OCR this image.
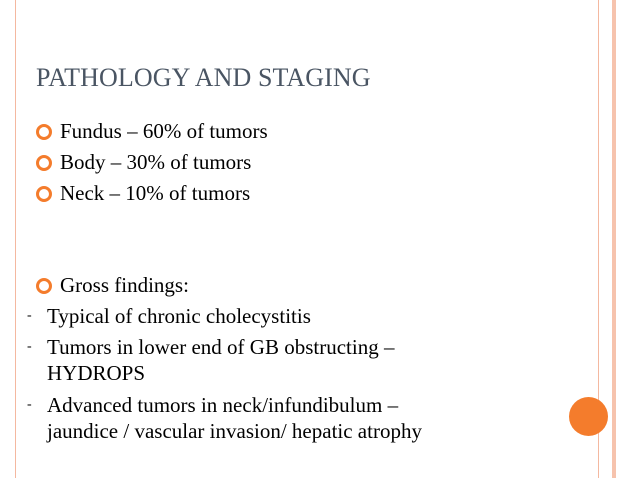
PATHOLOGY AND STAGING
Fundus – 60% of tumors
Body – 30% of tumors
Neck – 10% of tumors
Gross findings:
- Typical of chronic cholecystitis
- Tumors in lower end of GB obstructing –
HYDROPS
- Advanced tumors in neck/infundibulum –
jaundice / vascular invasion/ hepatic atrophy
